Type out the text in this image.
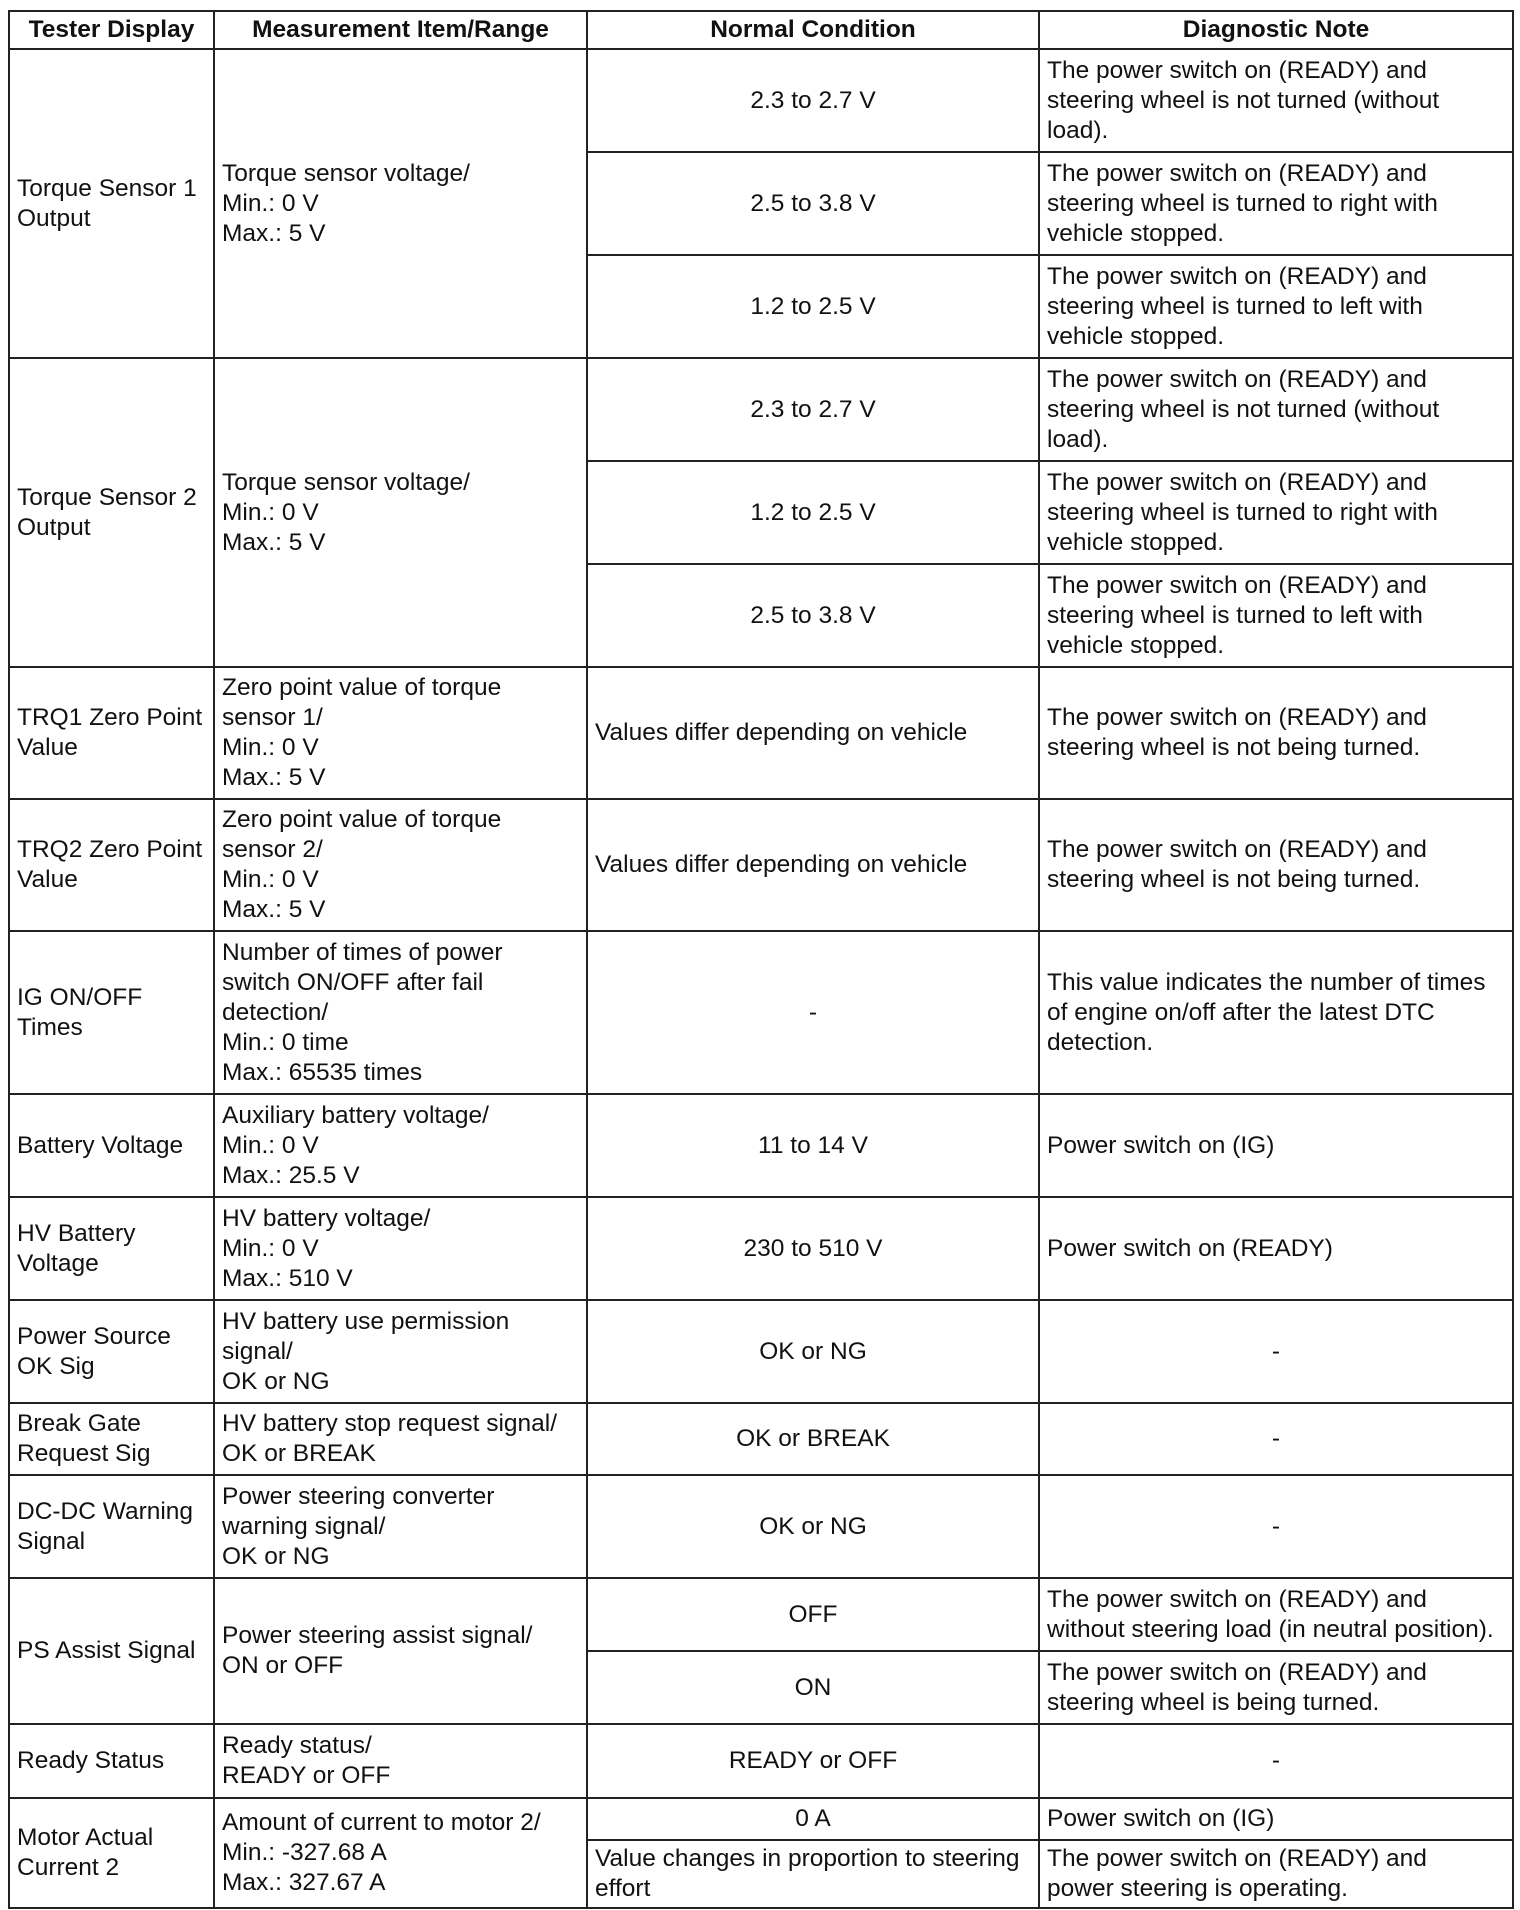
Tester Display	Measurement Item/Range	Normal Condition	Diagnostic Note
Torque Sensor 1
Output	Torque sensor voltage/
Min.: 0 V
Max.: 5 V	2.3 to 2.7 V	The power switch on (READY) and
steering wheel is not turned (without
load).
		2.5 to 3.8 V	The power switch on (READY) and
steering wheel is turned to right with
vehicle stopped.
		1.2 to 2.5 V	The power switch on (READY) and
steering wheel is turned to left with
vehicle stopped.
Torque Sensor 2
Output	Torque sensor voltage/
Min.: 0 V
Max.: 5 V	2.3 to 2.7 V	The power switch on (READY) and
steering wheel is not turned (without
load).
		1.2 to 2.5 V	The power switch on (READY) and
steering wheel is turned to right with
vehicle stopped.
		2.5 to 3.8 V	The power switch on (READY) and
steering wheel is turned to left with
vehicle stopped.
TRQ1 Zero Point
Value	Zero point value of torque
sensor 1/
Min.: 0 V
Max.: 5 V	Values differ depending on vehicle	The power switch on (READY) and
steering wheel is not being turned.
TRQ2 Zero Point
Value	Zero point value of torque
sensor 2/
Min.: 0 V
Max.: 5 V	Values differ depending on vehicle	The power switch on (READY) and
steering wheel is not being turned.
IG ON/OFF
Times	Number of times of power
switch ON/OFF after fail
detection/
Min.: 0 time
Max.: 65535 times	-	This value indicates the number of times
of engine on/off after the latest DTC
detection.
Battery Voltage	Auxiliary battery voltage/
Min.: 0 V
Max.: 25.5 V	11 to 14 V	Power switch on (IG)
HV Battery
Voltage	HV battery voltage/
Min.: 0 V
Max.: 510 V	230 to 510 V	Power switch on (READY)
Power Source
OK Sig	HV battery use permission
signal/
OK or NG	OK or NG	-
Break Gate
Request Sig	HV battery stop request signal/
OK or BREAK	OK or BREAK	-
DC-DC Warning
Signal	Power steering converter
warning signal/
OK or NG	OK or NG	-
PS Assist Signal	Power steering assist signal/
ON or OFF	OFF	The power switch on (READY) and
without steering load (in neutral position).
		ON	The power switch on (READY) and
steering wheel is being turned.
Ready Status	Ready status/
READY or OFF	READY or OFF	-
Motor Actual
Current 2	Amount of current to motor 2/
Min.: -327.68 A
Max.: 327.67 A	0 A	Power switch on (IG)
		Value changes in proportion to steering
effort	The power switch on (READY) and
power steering is operating.
